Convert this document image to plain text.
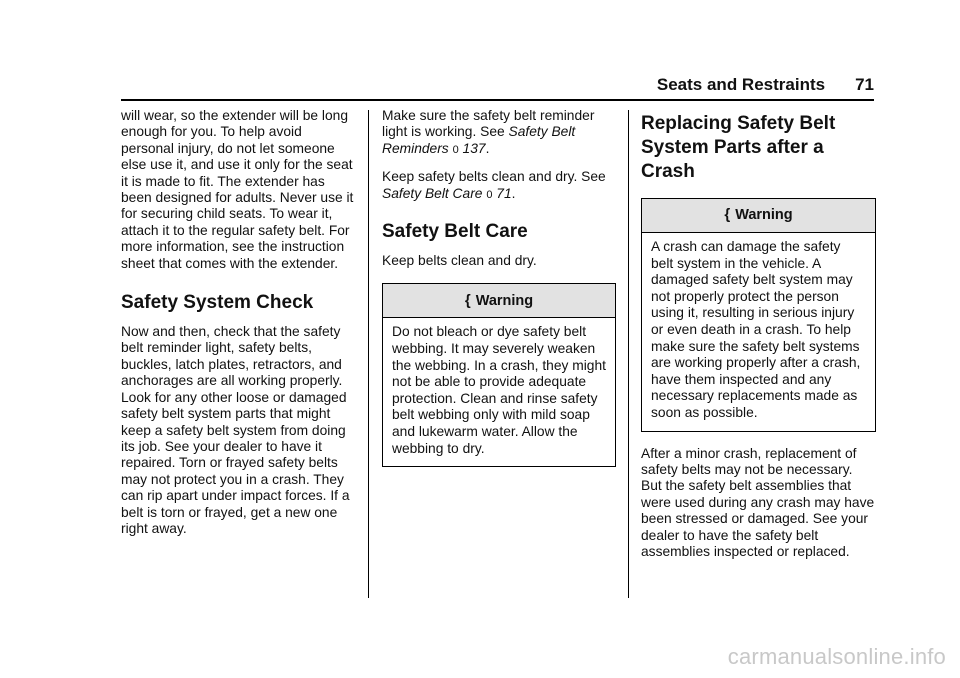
Seats and Restraints 71

will wear, so the extender will be long enough for you. To help avoid personal injury, do not let someone else use it, and use it only for the seat it is made to fit. The extender has been designed for adults. Never use it for securing child seats. To wear it, attach it to the regular safety belt. For more information, see the instruction sheet that comes with the extender.

Safety System Check

Now and then, check that the safety belt reminder light, safety belts, buckles, latch plates, retractors, and anchorages are all working properly. Look for any other loose or damaged safety belt system parts that might keep a safety belt system from doing its job. See your dealer to have it repaired. Torn or frayed safety belts may not protect you in a crash. They can rip apart under impact forces. If a belt is torn or frayed, get a new one right away.

Make sure the safety belt reminder light is working. See Safety Belt Reminders 0 137.

Keep safety belts clean and dry. See Safety Belt Care 0 71.

Safety Belt Care

Keep belts clean and dry.

{ Warning
Do not bleach or dye safety belt webbing. It may severely weaken the webbing. In a crash, they might not be able to provide adequate protection. Clean and rinse safety belt webbing only with mild soap and lukewarm water. Allow the webbing to dry.
Replacing Safety Belt System Parts after a Crash
{ Warning
A crash can damage the safety belt system in the vehicle. A damaged safety belt system may not properly protect the person using it, resulting in serious injury or even death in a crash. To help make sure the safety belt systems are working properly after a crash, have them inspected and any necessary replacements made as soon as possible.

After a minor crash, replacement of safety belts may not be necessary. But the safety belt assemblies that were used during any crash may have been stressed or damaged. See your dealer to have the safety belt assemblies inspected or replaced.

carmanualsonline.info
